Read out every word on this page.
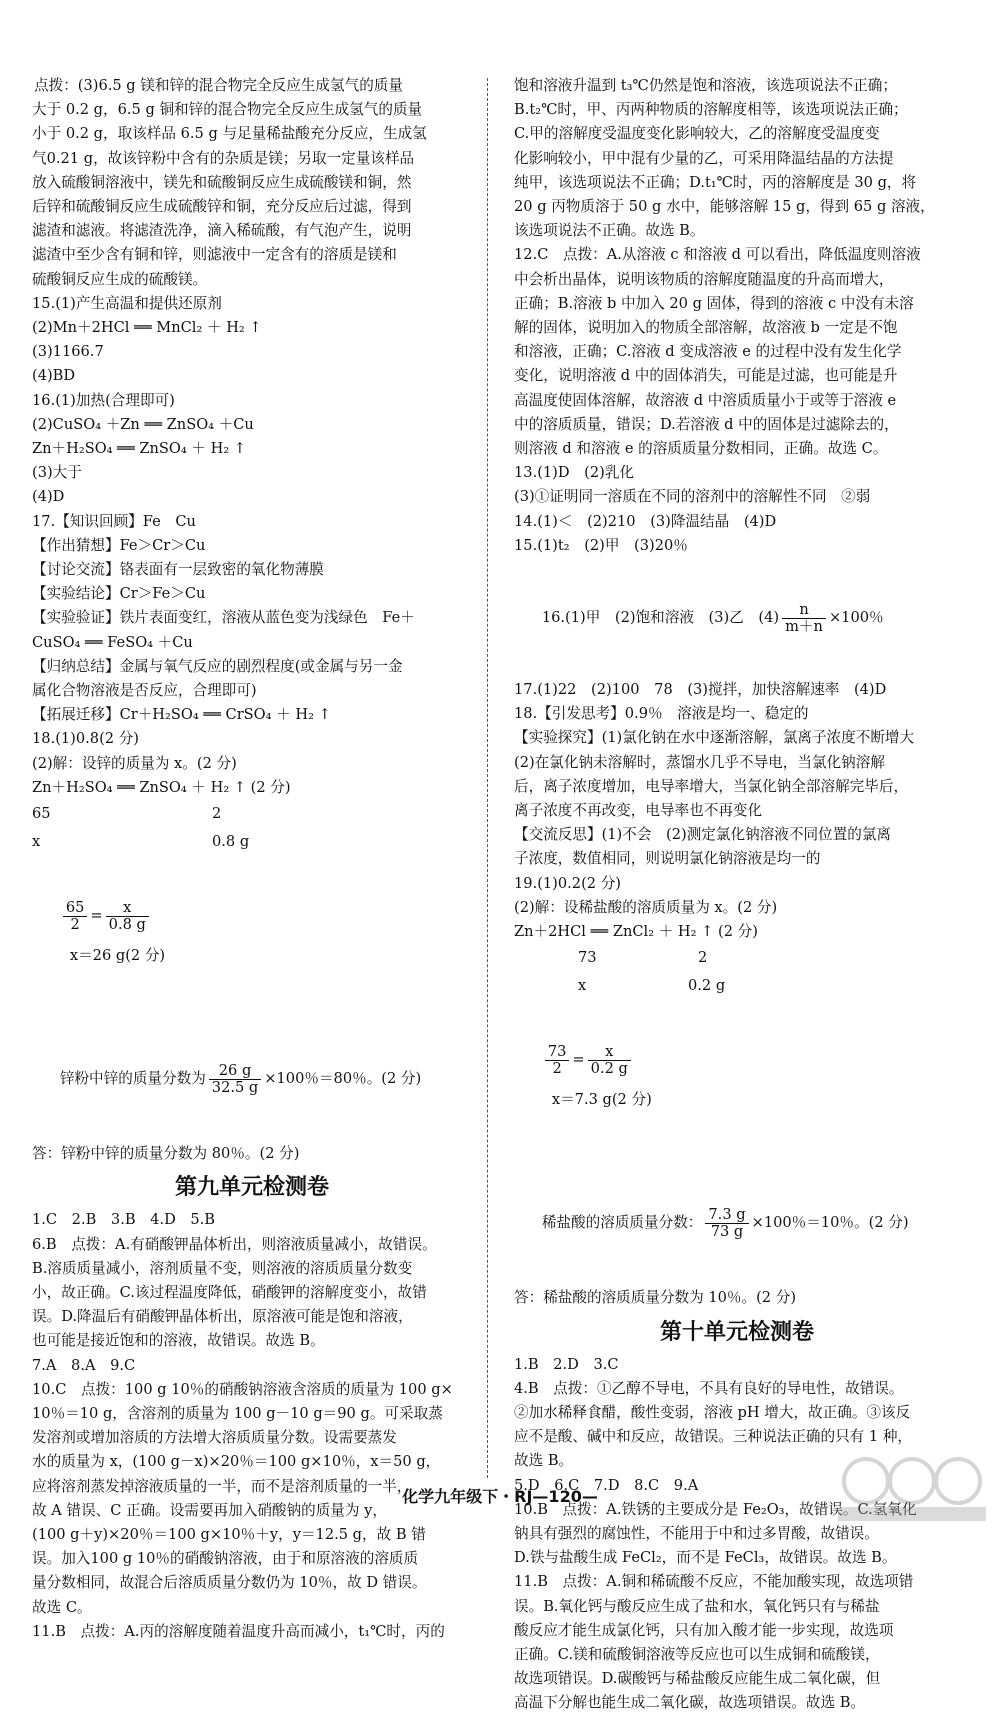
点拨：(3)6.5 g 镁和锌的混合物完全反应生成氢气的质量

大于 0.2 g，6.5 g 铜和锌的混合物完全反应生成氢气的质量

小于 0.2 g，取该样品 6.5 g 与足量稀盐酸充分反应，生成氢

气0.21 g，故该锌粉中含有的杂质是镁；另取一定量该样品

放入硫酸铜溶液中，镁先和硫酸铜反应生成硫酸镁和铜，然

后锌和硫酸铜反应生成硫酸锌和铜，充分反应后过滤，得到

滤渣和滤液。将滤渣洗净，滴入稀硫酸，有气泡产生，说明

滤渣中至少含有铜和锌，则滤液中一定含有的溶质是镁和

硫酸铜反应生成的硫酸镁。

15.(1)产生高温和提供还原剂

(2)Mn＋2HCl ══ MnCl₂ ＋ H₂ ↑

(3)1166.7

(4)BD

16.(1)加热(合理即可)

(2)CuSO₄ ＋Zn ══ ZnSO₄ ＋Cu

Zn＋H₂SO₄ ══ ZnSO₄ ＋ H₂ ↑

(3)大于

(4)D

17.【知识回顾】Fe　Cu

【作出猜想】Fe＞Cr＞Cu

【讨论交流】铬表面有一层致密的氧化物薄膜

【实验结论】Cr＞Fe＞Cu

【实验验证】铁片表面变红，溶液从蓝色变为浅绿色　Fe＋

CuSO₄ ══ FeSO₄ ＋Cu

【归纳总结】金属与氧气反应的剧烈程度(或金属与另一金

属化合物溶液是否反应，合理即可)

【拓展迁移】Cr＋H₂SO₄ ══ CrSO₄ ＋ H₂ ↑

18.(1)0.8(2 分)

(2)解：设锌的质量为 x。(2 分)

Zn＋H₂SO₄ ══ ZnSO₄ ＋ H₂ ↑ (2 分)

65	2
x	0.8 g

$\frac{65}{2} = \frac{x}{0.8 g}$

x＝26 g(2 分)

锌粉中锌的质量分数为 $\frac{26 g}{32.5 g} \times 100$％＝80％。(2 分)

答：锌粉中锌的质量分数为 80％。(2 分)

第九单元检测卷

1.C　2.B　3.B　4.D　5.B

6.B　点拨：A.有硝酸钾晶体析出，则溶液质量减小，故错误。

B.溶质质量减小，溶剂质量不变，则溶液的溶质质量分数变

小，故正确。C.该过程温度降低，硝酸钾的溶解度变小，故错

误。D.降温后有硝酸钾晶体析出，原溶液可能是饱和溶液，

也可能是接近饱和的溶液，故错误。故选 B。

7.A　8.A　9.C

10.C　点拨：100 g 10％的硝酸钠溶液含溶质的质量为 100 g×

10％＝10 g，含溶剂的质量为 100 g－10 g＝90 g。可采取蒸

发溶剂或增加溶质的方法增大溶质质量分数。设需要蒸发

水的质量为 x，(100 g－x)×20％＝100 g×10％，x＝50 g，

应将溶剂蒸发掉溶液质量的一半，而不是溶剂质量的一半，

故 A 错误、C 正确。设需要再加入硝酸钠的质量为 y，

(100 g＋y)×20％＝100 g×10％＋y，y＝12.5 g，故 B 错

误。加入100 g 10％的硝酸钠溶液，由于和原溶液的溶质质

量分数相同，故混合后溶质质量分数仍为 10％，故 D 错误。

故选 C。

11.B　点拨：A.丙的溶解度随着温度升高而减小，t₁℃时，丙的

饱和溶液升温到 t₃℃仍然是饱和溶液，该选项说法不正确；

B.t₂℃时，甲、丙两种物质的溶解度相等，该选项说法正确；

C.甲的溶解度受温度变化影响较大，乙的溶解度受温度变

化影响较小，甲中混有少量的乙，可采用降温结晶的方法提

纯甲，该选项说法不正确；D.t₁℃时，丙的溶解度是 30 g，将

20 g 丙物质溶于 50 g 水中，能够溶解 15 g，得到 65 g 溶液，

该选项说法不正确。故选 B。

12.C　点拨：A.从溶液 c 和溶液 d 可以看出，降低温度则溶液

中会析出晶体，说明该物质的溶解度随温度的升高而增大，

正确；B.溶液 b 中加入 20 g 固体，得到的溶液 c 中没有未溶

解的固体，说明加入的物质全部溶解，故溶液 b 一定是不饱

和溶液，正确；C.溶液 d 变成溶液 e 的过程中没有发生化学

变化，说明溶液 d 中的固体消失，可能是过滤，也可能是升

高温度使固体溶解，故溶液 d 中溶质质量小于或等于溶液 e

中的溶质质量，错误；D.若溶液 d 中的固体是过滤除去的，

则溶液 d 和溶液 e 的溶质质量分数相同，正确。故选 C。

13.(1)D　(2)乳化

(3)①证明同一溶质在不同的溶剂中的溶解性不同　②弱

14.(1)＜　(2)210　(3)降温结晶　(4)D

15.(1)t₂　(2)甲　(3)20％

16.(1)甲　(2)饱和溶液　(3)乙　$(4) \frac{n}{m+n} \times 100$％

17.(1)22　(2)100　78　(3)搅拌，加快溶解速率　(4)D

18.【引发思考】0.9％　溶液是均一、稳定的

【实验探究】(1)氯化钠在水中逐渐溶解，氯离子浓度不断增大

(2)在氯化钠未溶解时，蒸馏水几乎不导电，当氯化钠溶解

后，离子浓度增加，电导率增大，当氯化钠全部溶解完毕后，

离子浓度不再改变，电导率也不再变化

【交流反思】(1)不会　(2)测定氯化钠溶液不同位置的氯离

子浓度，数值相同，则说明氯化钠溶液是均一的

19.(1)0.2(2 分)

(2)解：设稀盐酸的溶质质量为 x。(2 分)

Zn＋2HCl ══ ZnCl₂ ＋ H₂ ↑ (2 分)

73	2
x	0.2 g

$\frac{73}{2} = \frac{x}{0.2 g}$

x＝7.3 g(2 分)

稀盐酸的溶质质量分数： $\frac{7.3 g}{73 g} \times 100$％＝10％。(2 分)

答：稀盐酸的溶质质量分数为 10％。(2 分)

第十单元检测卷

1.B　2.D　3.C

4.B　点拨：①乙醇不导电，不具有良好的导电性，故错误。

②加水稀释食醋，酸性变弱，溶液 pH 增大，故正确。③该反

应不是酸、碱中和反应，故错误。三种说法正确的只有 1 种，

故选 B。

5.D　6.C　7.D　8.C　9.A

10.B　点拨：A.铁锈的主要成分是 Fe₂O₃，故错误。C.氢氧化

钠具有强烈的腐蚀性，不能用于中和过多胃酸，故错误。

D.铁与盐酸生成 FeCl₂，而不是 FeCl₃，故错误。故选 B。

11.B　点拨：A.铜和稀硫酸不反应，不能加酸实现，故选项错

误。B.氧化钙与酸反应生成了盐和水，氧化钙只有与稀盐

酸反应才能生成氯化钙，只有加入酸才能一步实现，故选项

正确。C.镁和硫酸铜溶液等反应也可以生成铜和硫酸镁，

故选项错误。D.碳酸钙与稀盐酸反应能生成二氧化碳，但

高温下分解也能生成二氧化碳，故选项错误。故选 B。

化学九年级下・RJ—120—
